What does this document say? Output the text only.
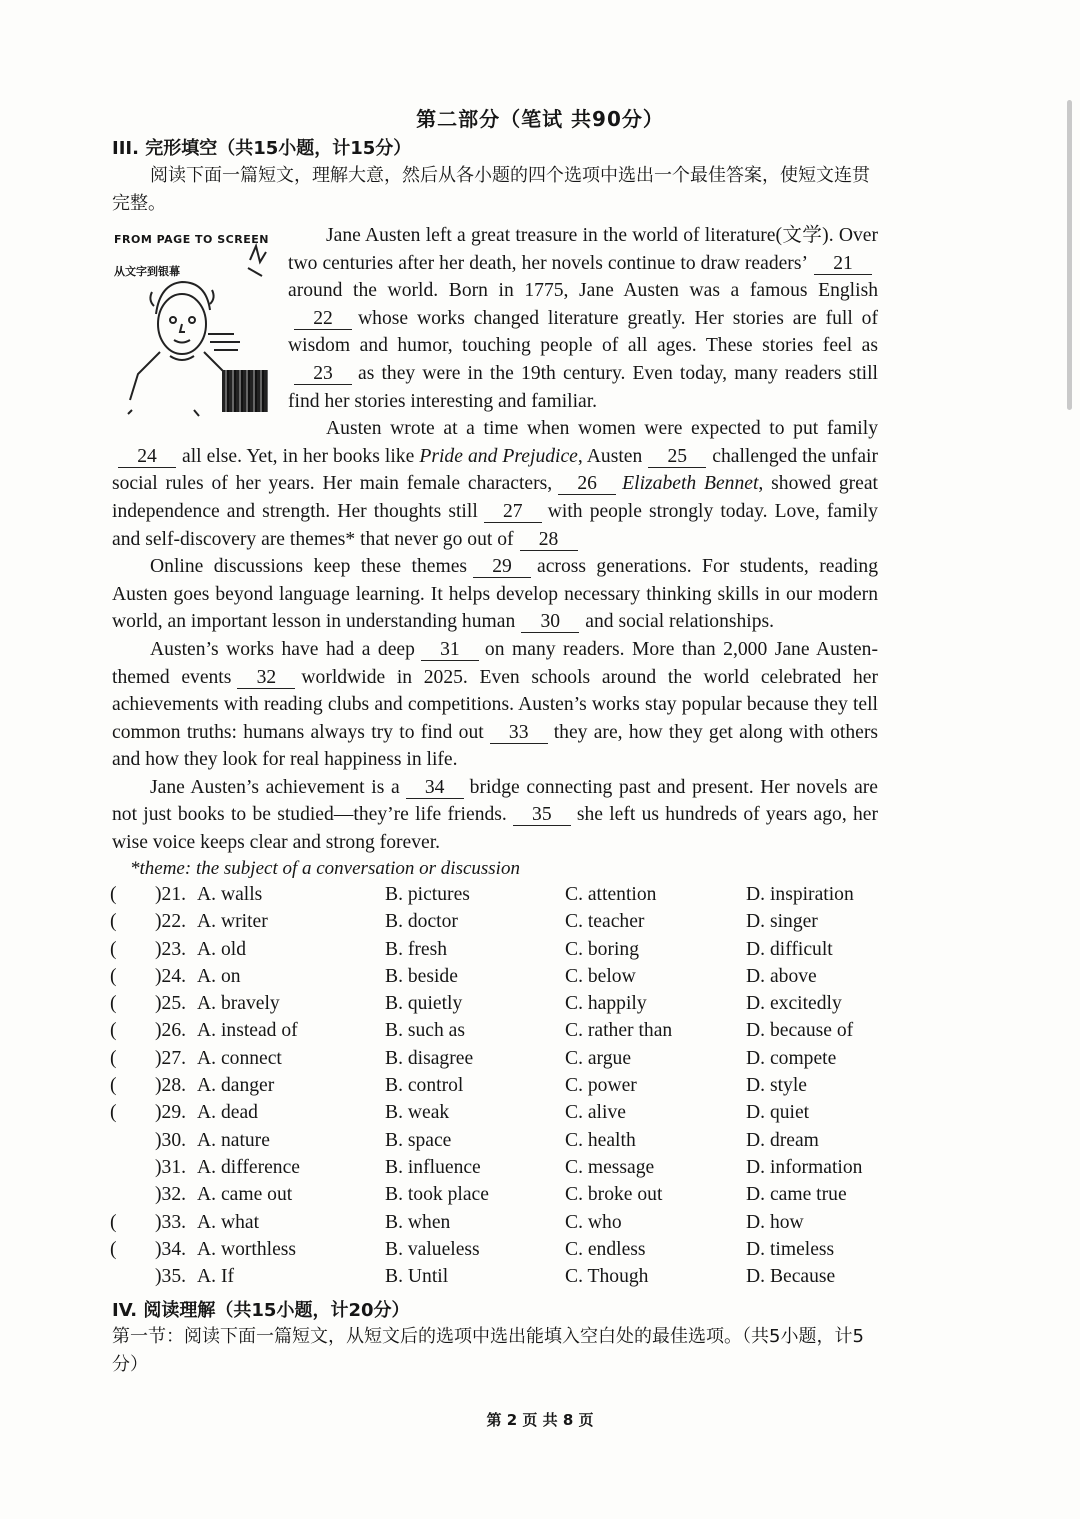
第二部分（笔试 共90分）
III. 完形填空（共15小题，计15分）
阅读下面一篇短文，理解大意，然后从各小题的四个选项中选出一个最佳答案，使短文连贯完整。
FROM PAGE TO SCREEN
从文字到银幕

Jane Austen left a great treasure in the world of literature(文学). Over two centuries after her death, her novels continue to draw readers’ 21around the world. Born in 1775, Jane Austen was a famous English22 whose works changed literature greatly. Her stories are full of wisdom and humor, touching people of all ages. These stories feel as23 as they were in the 19th century. Even today, many readers still find her stories interesting and familiar.

Austen wrote at a time when women were expected to put family24 all else. Yet, in her books like Pride and Prejudice, Austen 25 challenged the unfair social rules of her years. Her main female characters, 26 Elizabeth Bennet, showed great independence and strength. Her thoughts still 27 with people strongly today. Love, family and self-discovery are themes* that never go out of 28

Online discussions keep these themes 29 across generations. For students, reading Austen goes beyond language learning. It helps develop necessary thinking skills in our modern world, an important lesson in understanding human 30 and social relationships.

Austen’s works have had a deep 31 on many readers. More than 2,000 Jane Austen-themed events 32 worldwide in 2025. Even schools around the world celebrated her achievements with reading clubs and competitions. Austen’s works stay popular because they tell common truths: humans always try to find out 33 they are, how they get along with others and how they look for real happiness in life.

Jane Austen’s achievement is a 34 bridge connecting past and present. Her novels are not just books to be studied—they’re life friends. 35 she left us hundreds of years ago, her wise voice keeps clear and strong forever.

*theme: the subject of a conversation or discussion
( )21. A. walls	B. pictures	C. attention	D. inspiration
( )22. A. writer	B. doctor	C. teacher	D. singer
( )23. A. old	B. fresh	C. boring	D. difficult
( )24. A. on	B. beside	C. below	D. above
( )25. A. bravely	B. quietly	C. happily	D. excitedly
( )26. A. instead of	B. such as	C. rather than	D. because of
( )27. A. connect	B. disagree	C. argue	D. compete
( )28. A. danger	B. control	C. power	D. style
( )29. A. dead	B. weak	C. alive	D. quiet
)30. A. nature	B. space	C. health	D. dream
)31. A. difference	B. influence	C. message	D. information
)32. A. came out	B. took place	C. broke out	D. came true
( )33. A. what	B. when	C. who	D. how
( )34. A. worthless	B. valueless	C. endless	D. timeless
)35. A. If	B. Until	C. Though	D. Because
IV. 阅读理解（共15小题，计20分）
第一节：阅读下面一篇短文，从短文后的选项中选出能填入空白处的最佳选项。（共5小题，计5分）
第 2 页 共 8 页
